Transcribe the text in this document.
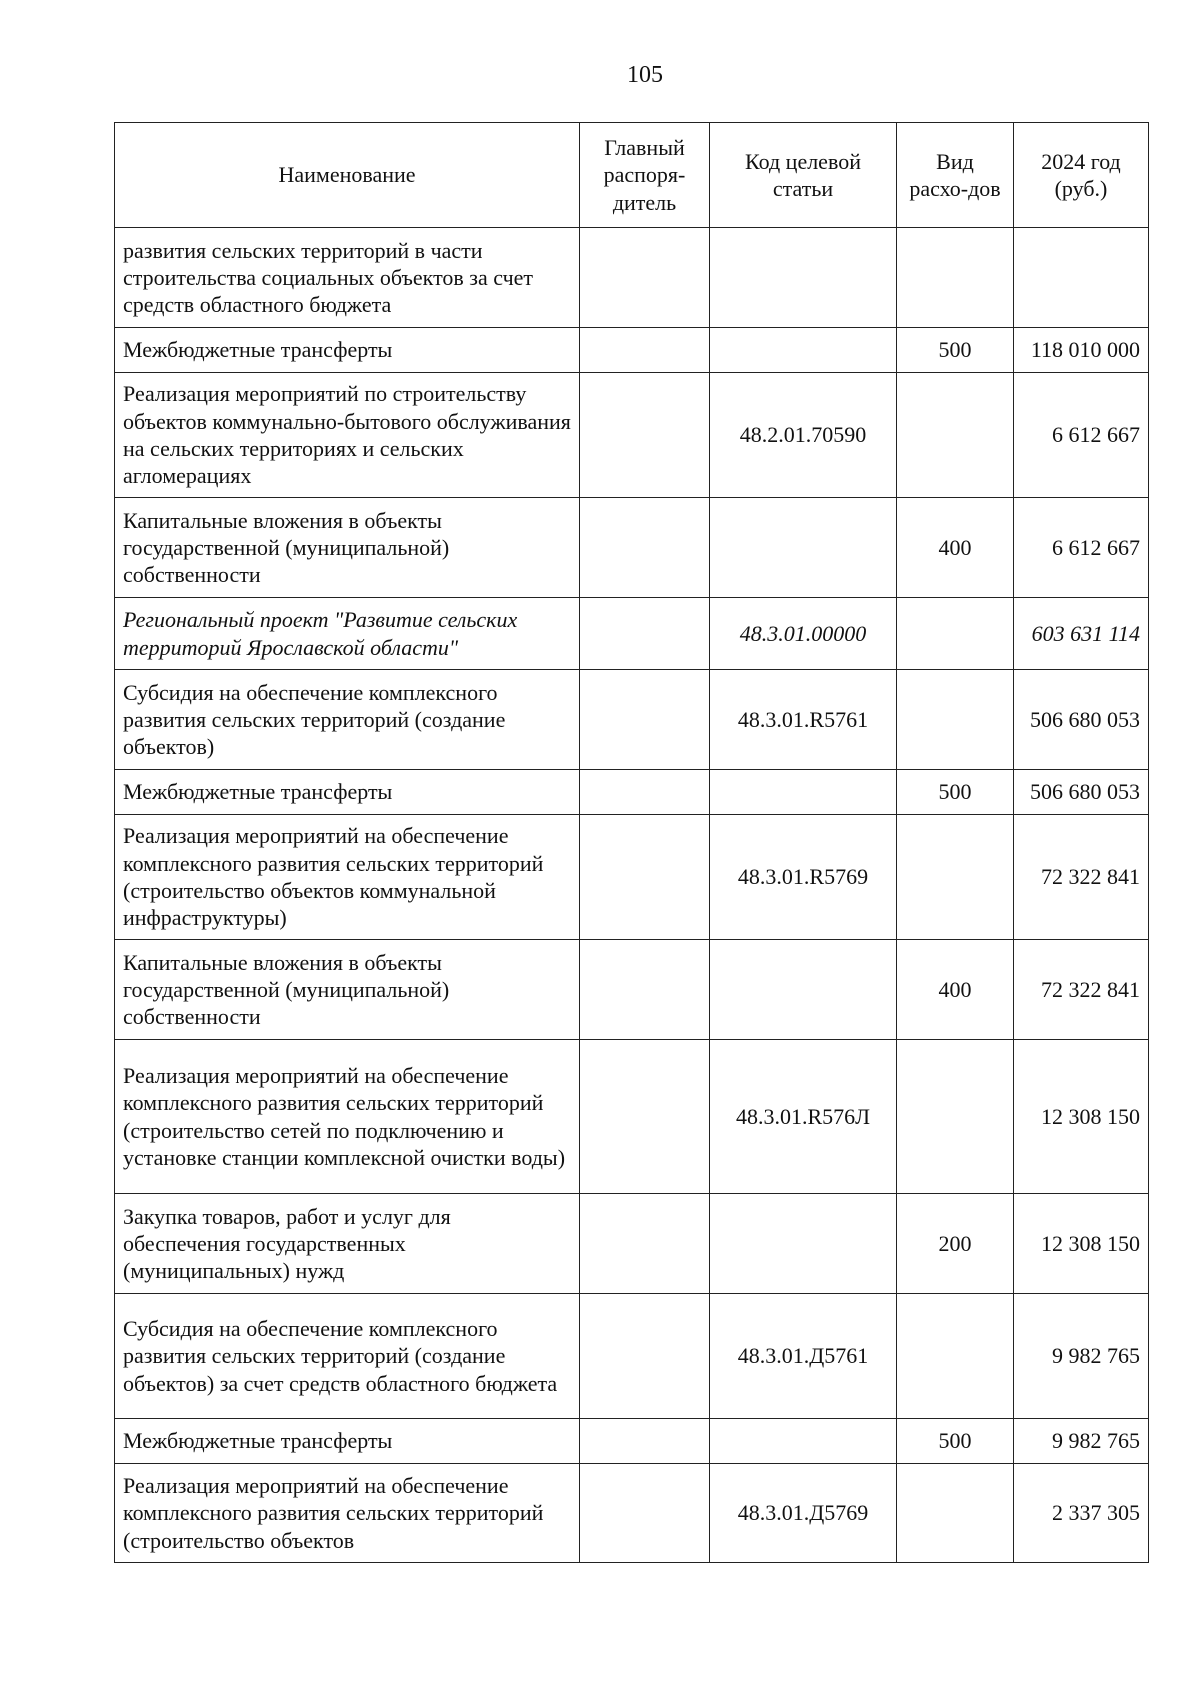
105
Наименование	Главный распоря-дитель	Код целевой статьи	Вид расхо-дов	2024 год (руб.)
развития сельских территорий в части строительства социальных объектов за счет средств областного бюджета				
Межбюджетные трансферты			500	118 010 000
Реализация мероприятий по строительству объектов коммунально-бытового обслуживания на сельских территориях и сельских агломерациях		48.2.01.70590		6 612 667
Капитальные вложения в объекты государственной (муниципальной) собственности			400	6 612 667
Региональный проект "Развитие сельских территорий Ярославской области"		48.3.01.00000		603 631 114
Субсидия на обеспечение комплексного развития сельских территорий (создание объектов)		48.3.01.R5761		506 680 053
Межбюджетные трансферты			500	506 680 053
Реализация мероприятий на обеспечение комплексного развития сельских территорий (строительство объектов коммунальной инфраструктуры)		48.3.01.R5769		72 322 841
Капитальные вложения в объекты государственной (муниципальной) собственности			400	72 322 841
Реализация мероприятий на обеспечение комплексного развития сельских территорий (строительство сетей по подключению и установке станции комплексной очистки воды)		48.3.01.R576Л		12 308 150
Закупка товаров, работ и услуг для обеспечения государственных (муниципальных) нужд			200	12 308 150
Субсидия на обеспечение комплексного развития сельских территорий (создание объектов) за счет средств областного бюджета		48.3.01.Д5761		9 982 765
Межбюджетные трансферты			500	9 982 765
Реализация мероприятий на обеспечение комплексного развития сельских территорий (строительство объектов		48.3.01.Д5769		2 337 305
